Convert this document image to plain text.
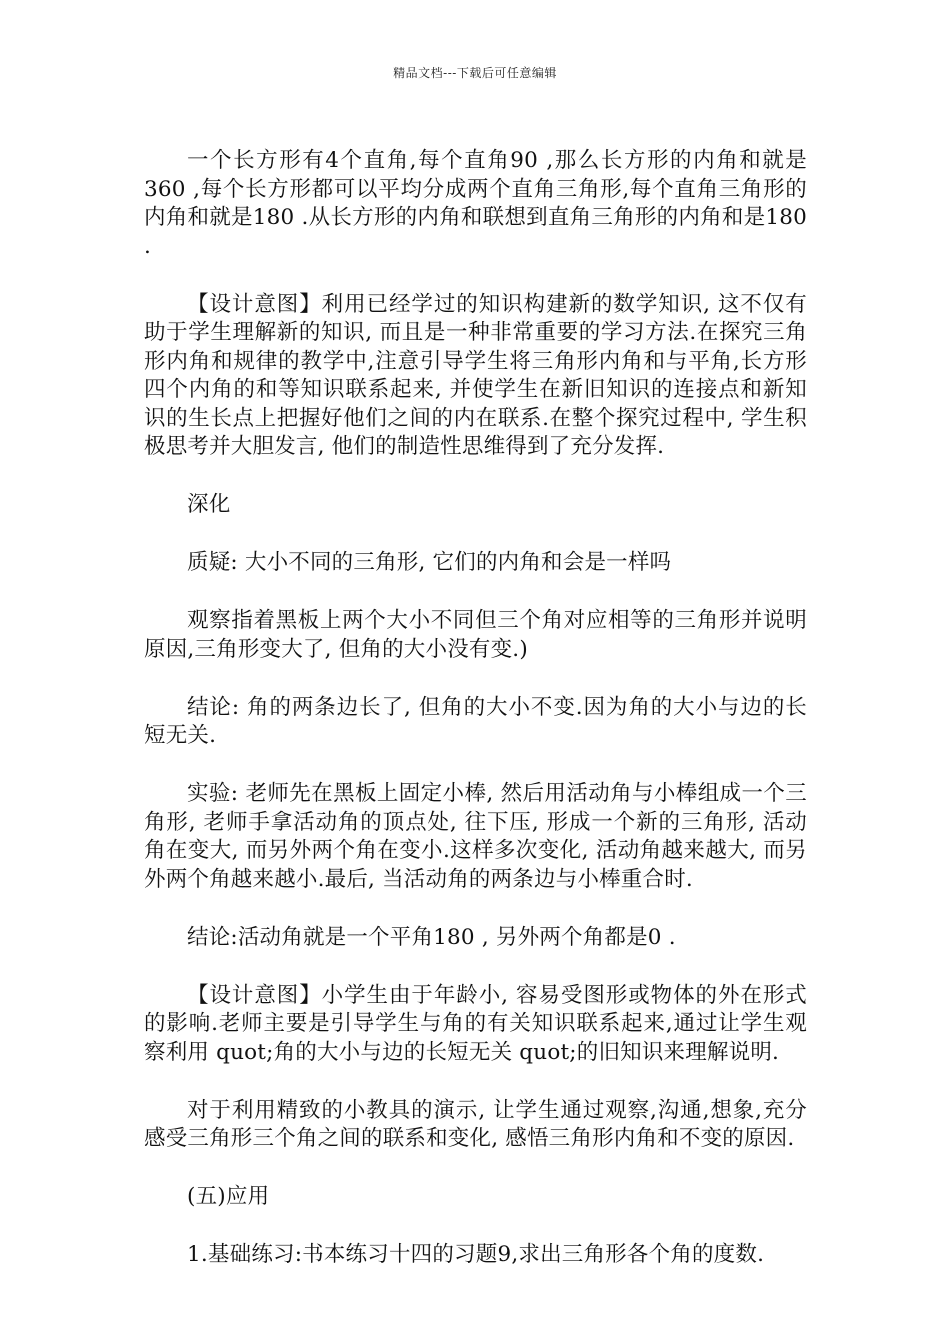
精品文档---下载后可任意编辑

一个长方形有4个直角,每个直角90 ,那么长方形的内角和就是360 ,每个长方形都可以平均分成两个直角三角形,每个直角三角形的内角和就是180 .从长方形的内角和联想到直角三角形的内角和是180 .

【设计意图】利用已经学过的知识构建新的数学知识, 这不仅有助于学生理解新的知识, 而且是一种非常重要的学习方法.在探究三角形内角和规律的教学中,注意引导学生将三角形内角和与平角,长方形四个内角的和等知识联系起来, 并使学生在新旧知识的连接点和新知识的生长点上把握好他们之间的内在联系.在整个探究过程中, 学生积极思考并大胆发言, 他们的制造性思维得到了充分发挥.

深化

质疑: 大小不同的三角形, 它们的内角和会是一样吗

观察指着黑板上两个大小不同但三个角对应相等的三角形并说明原因,三角形变大了, 但角的大小没有变.)

结论: 角的两条边长了, 但角的大小不变.因为角的大小与边的长短无关.

实验: 老师先在黑板上固定小棒, 然后用活动角与小棒组成一个三角形, 老师手拿活动角的顶点处, 往下压, 形成一个新的三角形, 活动角在变大, 而另外两个角在变小.这样多次变化, 活动角越来越大, 而另外两个角越来越小.最后, 当活动角的两条边与小棒重合时.

结论:活动角就是一个平角180 , 另外两个角都是0 .

【设计意图】小学生由于年龄小, 容易受图形或物体的外在形式的影响.老师主要是引导学生与角的有关知识联系起来,通过让学生观察利用 quot;角的大小与边的长短无关 quot;的旧知识来理解说明.

对于利用精致的小教具的演示, 让学生通过观察,沟通,想象,充分感受三角形三个角之间的联系和变化, 感悟三角形内角和不变的原因.

(五)应用

1.基础练习:书本练习十四的习题9,求出三角形各个角的度数.
